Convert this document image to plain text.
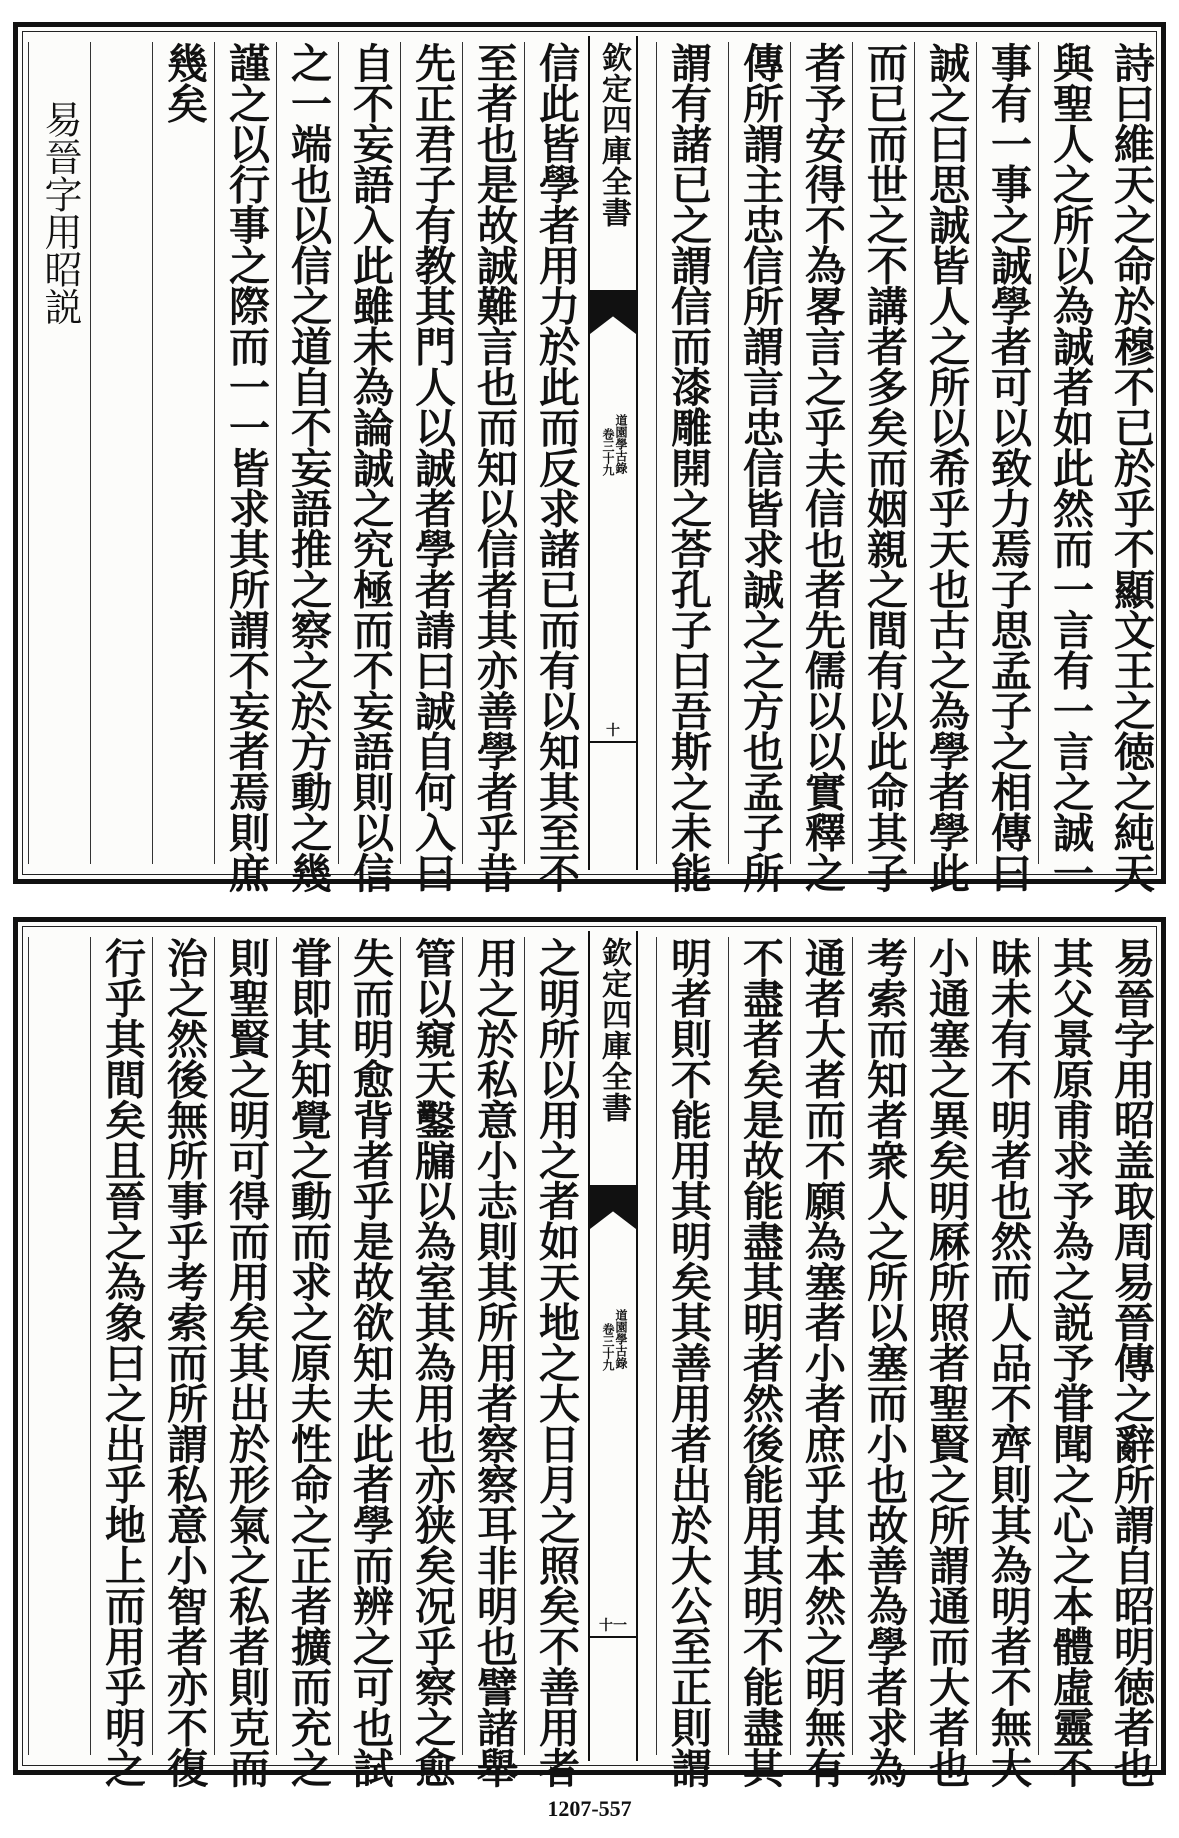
詩曰維天之命於穆不已於乎不顯文王之徳之純天
與聖人之所以為誠者如此然而一言有一言之誠一
事有一事之誠學者可以致力焉子思孟子之相傳曰
誠之曰思誠皆人之所以希乎天也古之為學者學此
而已而世之不講者多矣而姻親之間有以此命其子
者予安得不為畧言之乎夫信也者先儒以以實釋之
傳所謂主忠信所謂言忠信皆求誠之之方也孟子所
謂有諸已之謂信而漆雕開之荅孔子曰吾斯之未能
欽定四庫全書
道園學古錄
卷三十九
十
信此皆學者用力於此而反求諸已而有以知其至不
至者也是故誠難言也而知以信者其亦善學者乎昔
先正君子有教其門人以誠者學者請曰誠自何入曰
自不妄語入此雖未為論誠之究極而不妄語則以信
之一端也以信之道自不妄語推之察之於方動之幾
謹之以行事之際而一一皆求其所謂不妄者焉則庶
幾矣
易晉字用昭説
易晉字用昭盖取周易晉傳之辭所謂自昭明徳者也
其父景原甫求予為之説予甞聞之心之本體虛靈不
昧未有不明者也然而人品不齊則其為明者不無大
小通塞之異矣明厤所照者聖賢之所謂通而大者也
考索而知者衆人之所以塞而小也故善為學者求為
通者大者而不願為塞者小者庶乎其本然之明無有
不盡者矣是故能盡其明者然後能用其明不能盡其
明者則不能用其明矣其善用者出於大公至正則謂
欽定四庫全書
道園學古錄
卷三十九
十一
之明所以用之者如天地之大日月之照矣不善用者
用之於私意小志則其所用者察察耳非明也譬諸舉
管以窺天鑿牖以為室其為用也亦狭矣况乎察之愈
失而明愈背者乎是故欲知夫此者學而辨之可也試
甞即其知覺之動而求之原夫性命之正者擴而充之
則聖賢之明可得而用矣其出於形氣之私者則克而
治之然後無所事乎考索而所謂私意小智者亦不復
行乎其間矣且晉之為象曰之出乎地上而用乎明之
1207-557
